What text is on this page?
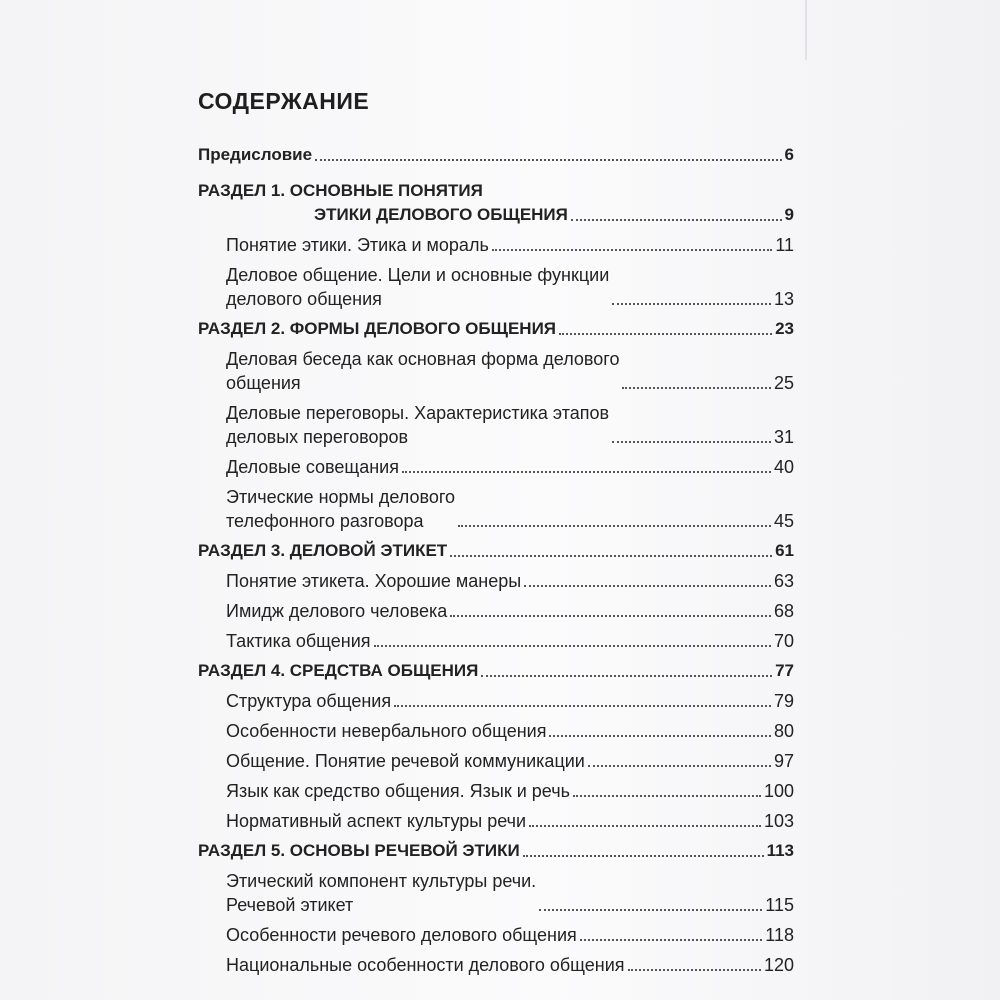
СОДЕРЖАНИЕ
Предисловие	6
РАЗДЕЛ 1. ОСНОВНЫЕ ПОНЯТИЯ
ЭТИКИ ДЕЛОВОГО ОБЩЕНИЯ	9
Понятие этики. Этика и мораль	11
Деловое общение. Цели и основные функции
делового общения	13
РАЗДЕЛ 2. ФОРМЫ ДЕЛОВОГО ОБЩЕНИЯ	23
Деловая беседа как основная форма делового
общения	25
Деловые переговоры. Характеристика этапов
деловых переговоров	31
Деловые совещания	40
Этические нормы делового
телефонного разговора	45
РАЗДЕЛ 3. ДЕЛОВОЙ ЭТИКЕТ	61
Понятие этикета. Хорошие манеры	63
Имидж делового человека	68
Тактика общения	70
РАЗДЕЛ 4. СРЕДСТВА ОБЩЕНИЯ	77
Структура общения	79
Особенности невербального общения	80
Общение. Понятие речевой коммуникации	97
Язык как средство общения. Язык и речь	100
Нормативный аспект культуры речи	103
РАЗДЕЛ 5. ОСНОВЫ РЕЧЕВОЙ ЭТИКИ	113
Этический компонент культуры речи.
Речевой этикет	115
Особенности речевого делового общения	118
Национальные особенности делового общения	120
